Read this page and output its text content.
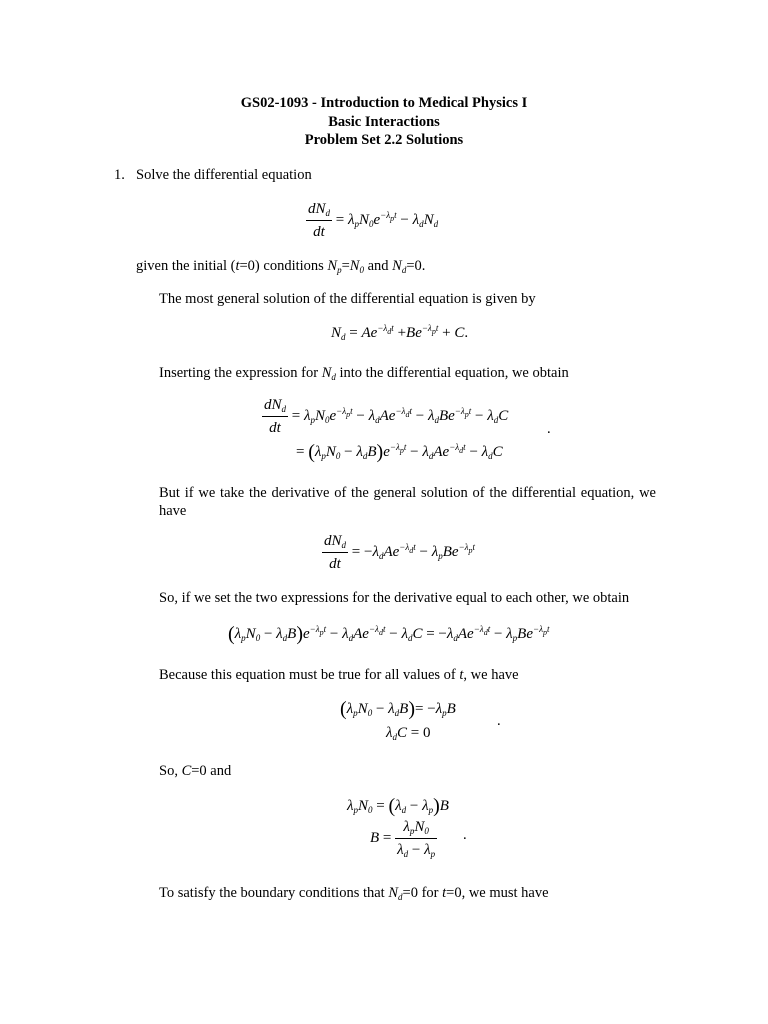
GS02-1093 - Introduction to Medical Physics I
Basic Interactions
Problem Set 2.2 Solutions
1. Solve the differential equation
$\frac{dN_d}{dt} = \lambda_pN_0e^{-\lambda_pt} - \lambda_dN_d$

given the initial (t=0) conditions $N_p=N_0$ and $N_d=0$.

The most general solution of the differential equation is given by

$N_d = Ae^{-\lambda_dt} +Be^{-\lambda_pt} + C$.

Inserting the expression for $N_d$ into the differential equation, we obtain

$\frac{dN_d}{dt} = \lambda_pN_0e^{-\lambda_pt} - \lambda_dAe^{-\lambda_dt} - \lambda_dBe^{-\lambda_pt} - \lambda_dC$
.
= $(\lambda_pN_0 - \lambda_dB)e^{-\lambda_pt} - \lambda_dAe^{-\lambda_dt} - \lambda_dC$

But if we take the derivative of the general solution of the differential equation, we have

$\frac{dN_d}{dt} = -\lambda_dAe^{-\lambda_dt} - \lambda_pBe^{-\lambda_pt}$

So, if we set the two expressions for the derivative equal to each other, we obtain

$(\lambda_pN_0 - \lambda_dB)e^{-\lambda_pt} - \lambda_dAe^{-\lambda_dt} - \lambda_dC = -\lambda_dAe^{-\lambda_dt} - \lambda_pBe^{-\lambda_pt}$

Because this equation must be true for all values of t, we have

$(\lambda_pN_0 - \lambda_dB)= -\lambda_pB$
.
$\lambda_dC = 0$

So, C=0 and

$\lambda_pN_0 = (\lambda_d - \lambda_p)B$
.
$B = \frac{\lambda_pN_0}{\lambda_d - \lambda_p}$

To satisfy the boundary conditions that $N_d=0$ for t=0, we must have
